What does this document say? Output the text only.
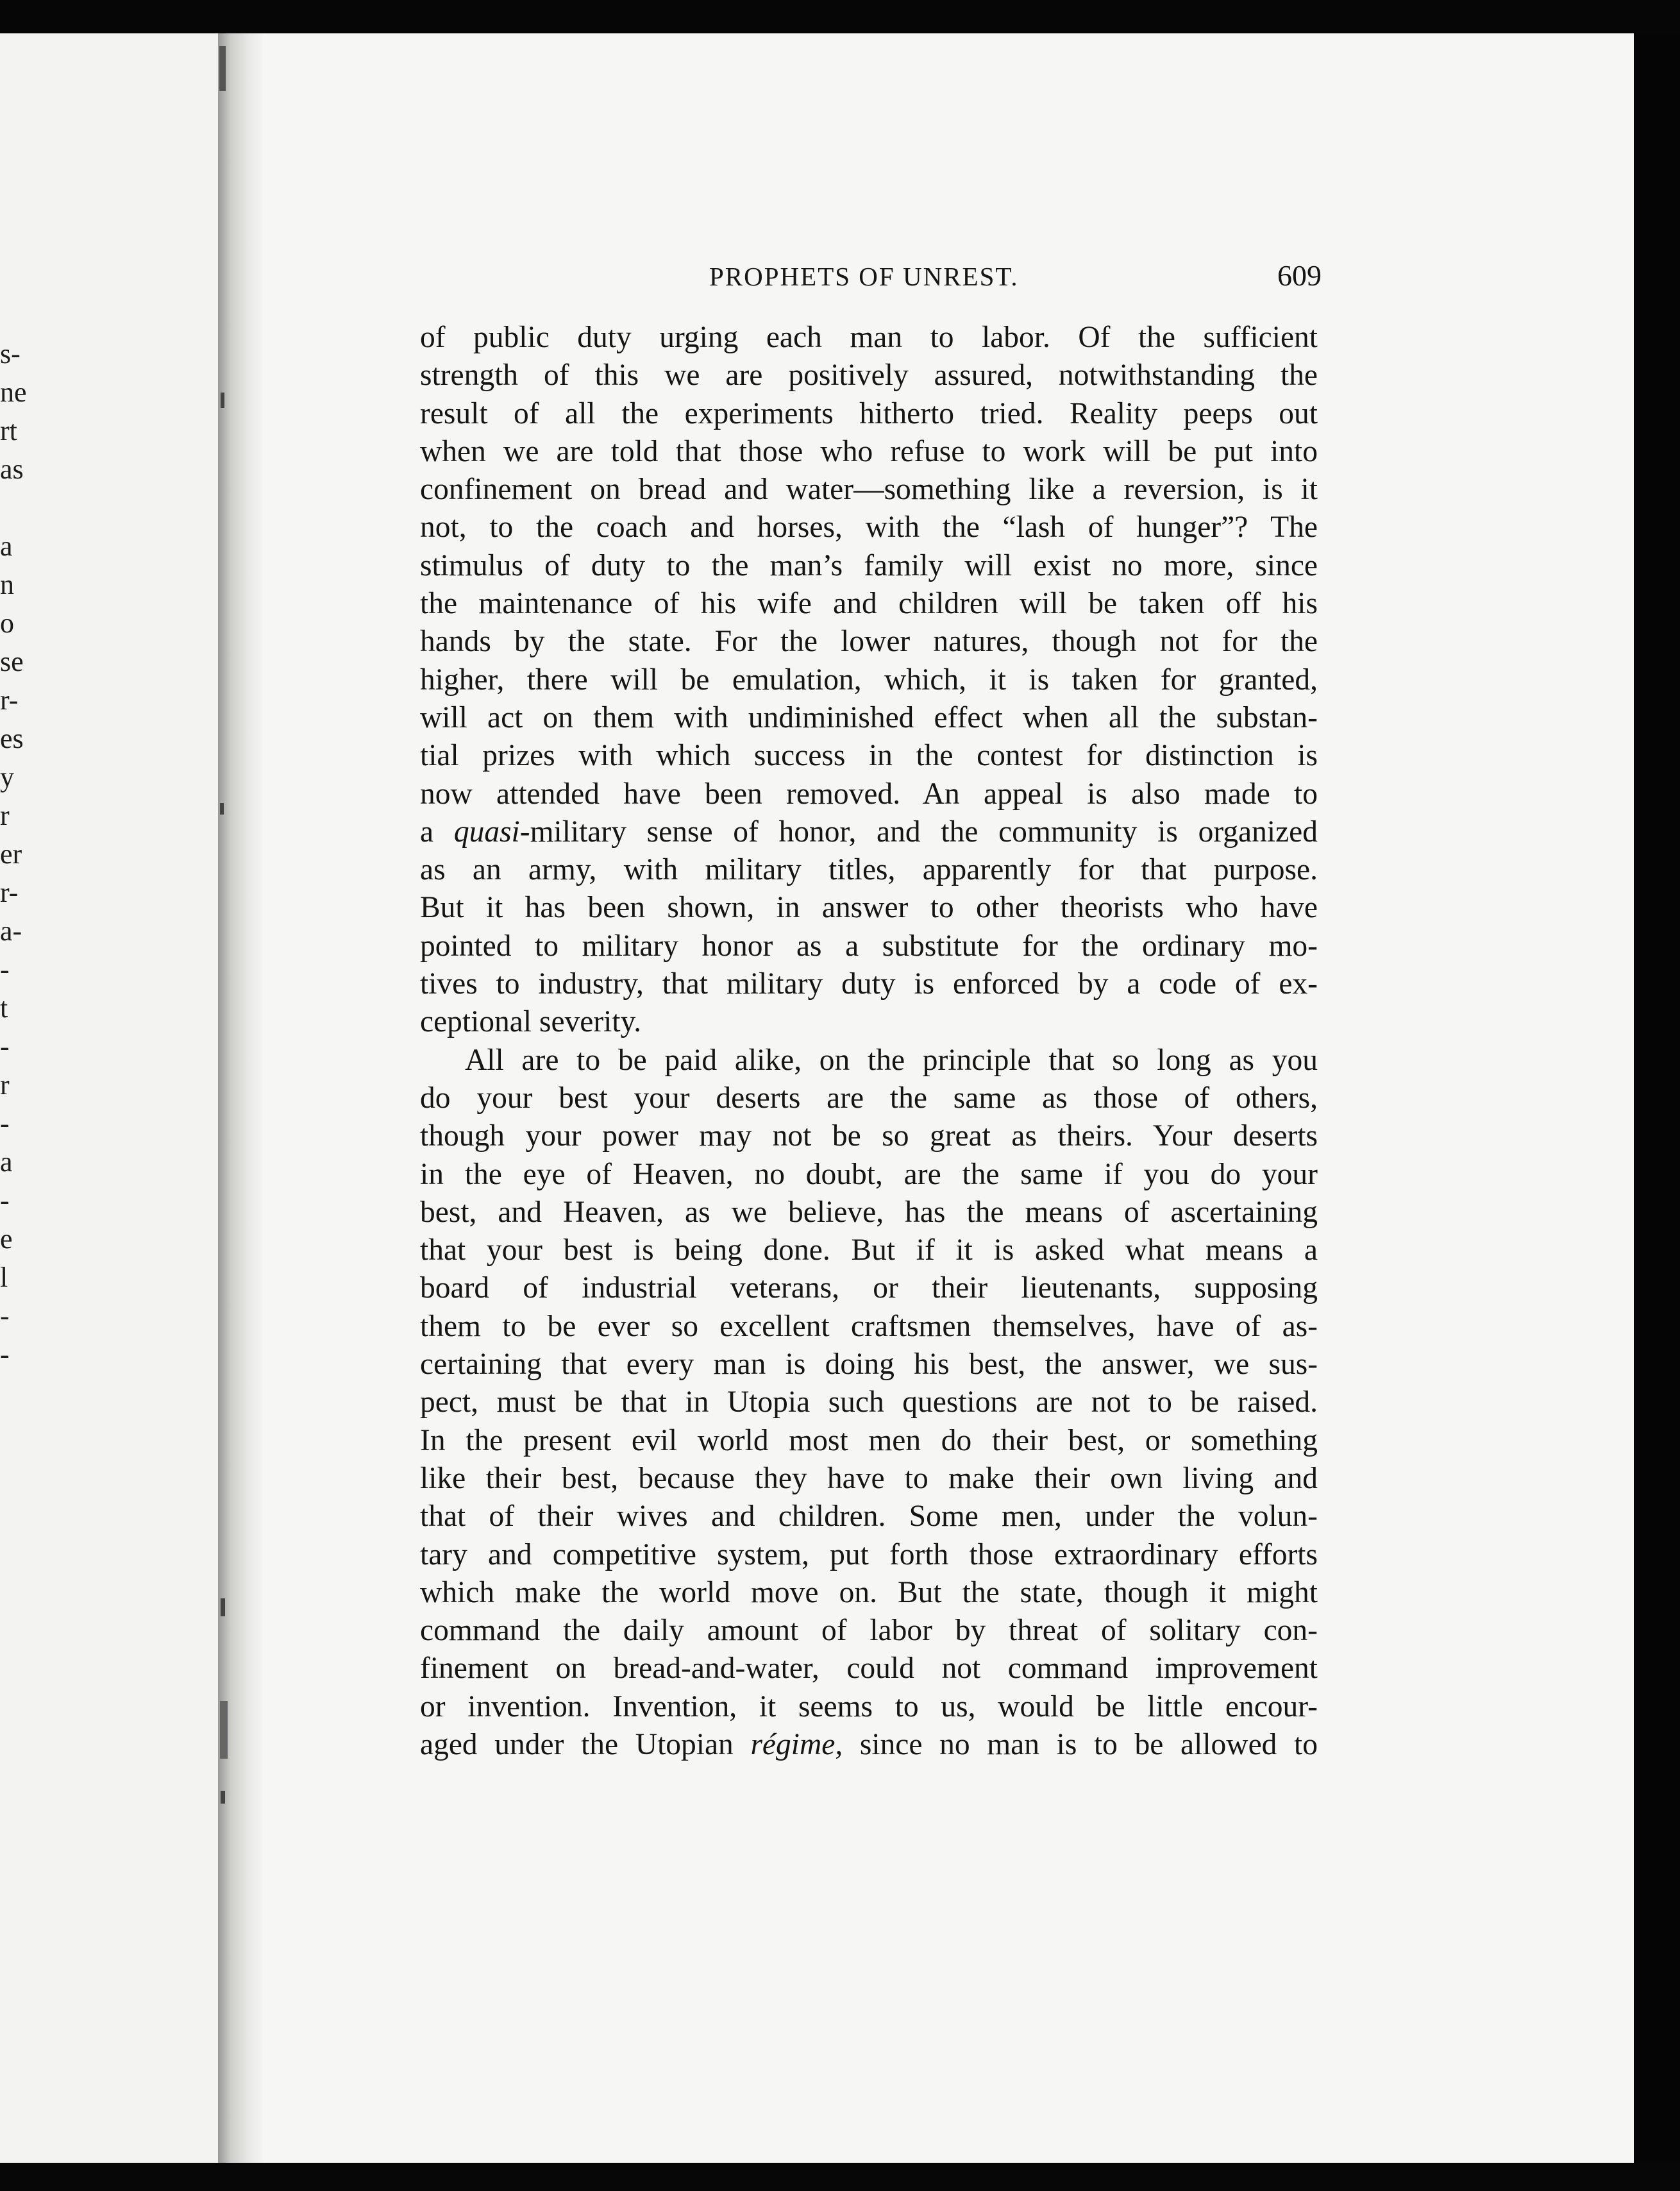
s-
ne
rt
as
a
n
o
se
r-
es
y
r
er
r-
a-
-
t
-
r
-
a
-
e
l
-
-
PROPHETS OF UNREST.	609
of public duty urging each man to labor. Of the sufficient
strength of this we are positively assured, notwithstanding the
result of all the experiments hitherto tried. Reality peeps out
when we are told that those who refuse to work will be put into
confinement on bread and water—something like a reversion, is it
not, to the coach and horses, with the “lash of hunger”? The
stimulus of duty to the man’s family will exist no more, since
the maintenance of his wife and children will be taken off his
hands by the state. For the lower natures, though not for the
higher, there will be emulation, which, it is taken for granted,
will act on them with undiminished effect when all the substan-
tial prizes with which success in the contest for distinction is
now attended have been removed. An appeal is also made to
a quasi-military sense of honor, and the community is organized
as an army, with military titles, apparently for that purpose.
But it has been shown, in answer to other theorists who have
pointed to military honor as a substitute for the ordinary mo-
tives to industry, that military duty is enforced by a code of ex-
ceptional severity.
All are to be paid alike, on the principle that so long as you
do your best your deserts are the same as those of others,
though your power may not be so great as theirs. Your deserts
in the eye of Heaven, no doubt, are the same if you do your
best, and Heaven, as we believe, has the means of ascertaining
that your best is being done. But if it is asked what means a
board of industrial veterans, or their lieutenants, supposing
them to be ever so excellent craftsmen themselves, have of as-
certaining that every man is doing his best, the answer, we sus-
pect, must be that in Utopia such questions are not to be raised.
In the present evil world most men do their best, or something
like their best, because they have to make their own living and
that of their wives and children. Some men, under the volun-
tary and competitive system, put forth those extraordinary efforts
which make the world move on. But the state, though it might
command the daily amount of labor by threat of solitary con-
finement on bread-and-water, could not command improvement
or invention. Invention, it seems to us, would be little encour-
aged under the Utopian régime, since no man is to be allowed to
